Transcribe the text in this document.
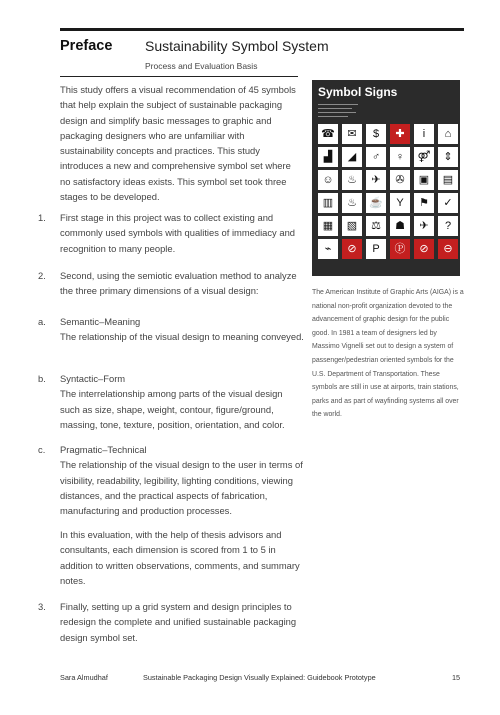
Preface Sustainability Symbol System
Process and Evaluation Basis
This study offers a visual recommendation of 45 symbols that help explain the subject of sustainable packaging design and simplify basic messages to graphic and packaging designers who are unfamiliar with sustainability concepts and practices. This study introduces a new and comprehensive symbol set where no satisfactory ideas exists. This symbol set took three stages to be developed.
1.	First stage in this project was to collect existing and commonly used symbols with qualities of immediacy and recognition to many people.
2.	Second, using the semiotic evaluation method to analyze the three primary dimensions of a visual design:
a.	Semantic–Meaning
The relationship of the visual design to meaning conveyed.
b.	Syntactic–Form
The interrelationship among parts of the visual design such as size, shape, weight, contour, figure/ground, massing, tone, texture, position, orientation, and color.
c.	Pragmatic–Technical
The relationship of the visual design to the user in terms of visibility, readability, legibility, lighting conditions, viewing distances, and the practical aspects of fabrication, manufacturing and production processes.
In this evaluation, with the help of thesis advisors and consultants, each dimension is scored from 1 to 5 in addition to written observations, comments, and summary notes.
3.	Finally, setting up a grid system and design principles to redesign the complete and unified sustainable packaging design symbol set.
Symbol Signs
☎	✉	$	✚	i	⌂
▟	◢	♂	♀	⚤	⇕
☺	♨	✈	✇	▣	▤
▥	♨	☕	Y	⚑	✓
▦	▧	⚖	☗	✈	?
⌁	⊘	P	Ⓟ	⊘	⊖
The American Institute of Graphic Arts (AIGA) is a national non-profit organization devoted to the advancement of graphic design for the public good. In 1981 a team of designers led by Massimo Vignelli set out to design a system of passenger/pedestrian oriented symbols for the U.S. Department of Transportation. These symbols are still in use at airports, train stations, parks and as part of wayfinding systems all over the world.
Sara Almudhaf	Sustainable Packaging Design Visually Explained: Guidebook Prototype	15
